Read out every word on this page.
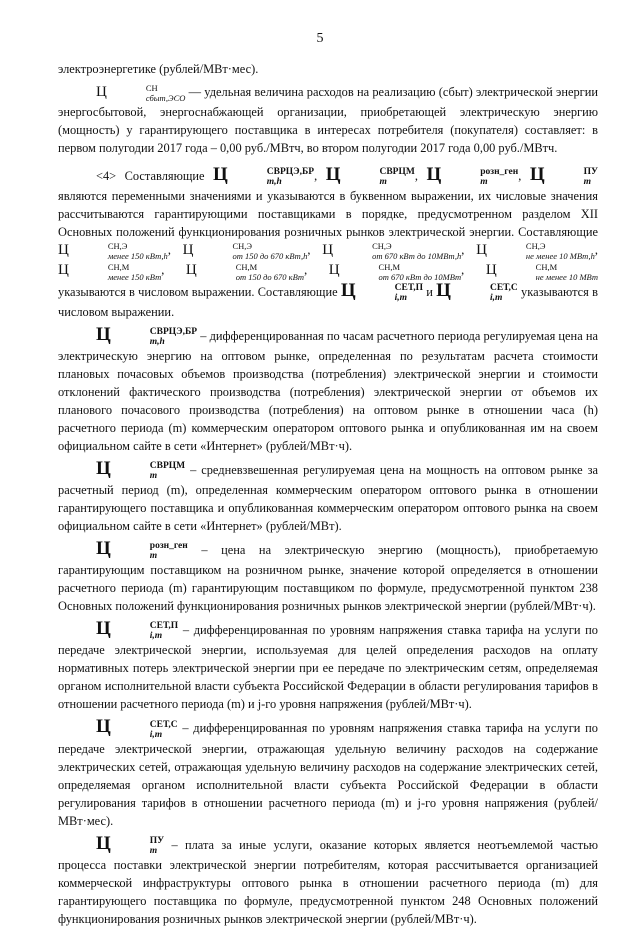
5

электроэнергетике (рублей/МВт·мес).

Ц	СН
сбыт,ЭСО — удельная величина расходов на реализацию (сбыт) электрической энергии энергосбытовой, энергоснабжающей организации, приобретающей электрическую энергию (мощность) у гарантирующего поставщика в интересах потребителя (покупателя) составляет: в первом полугодии 2017 года – 0,00 руб./МВтч, во втором полугодии 2017 года 0,00 руб./МВтч.

<4> Составляющие Ц	СВРЦЭ,БР
m,h	, Ц	СВРЦМ
m	, Ц	розн_ген
m	, Ц	ПУ
m
являются переменными значениями и указываются в буквенном выражении, их числовые значения рассчитываются гарантирующими поставщиками в порядке, предусмотренном разделом XII Основных положений функционирования розничных рынков электрической энергии. Составляющие Ц	СН,Э
менее 150 кВт,h , Ц	СН,Э
от 150 до 670 кВт,h , Ц	СН,Э
от 670 кВт до 10МВт,h , Ц	СН,Э
не менее 10 МВт,h , Ц	СН,М
менее 150 кВт , Ц	СН,М
от 150 до 670 кВт , Ц	СН,М
от 670 кВт до 10МВт , Ц	СН,М
не менее 10 МВт
указываются в числовом выражении. Составляющие Ц	СЕТ,П
i,m	и Ц	СЕТ,С
i,m	указываются в числовом выражении.

Ц	СВРЦЭ,БР
m,h	– дифференцированная по часам расчетного периода регулируемая цена на электрическую энергию на оптовом рынке, определенная по результатам расчета стоимости плановых почасовых объемов производства (потребления) электрической энергии и стоимости отклонений фактического производства (потребления) электрической энергии от объемов их планового почасового производства (потребления) на оптовом рынке в отношении часа (h) расчетного периода (m) коммерческим оператором оптового рынка и опубликованная им на своем официальном сайте в сети «Интернет» (рублей/МВт·ч).

Ц	СВРЦМ
m	– средневзвешенная регулируемая цена на мощность на оптовом рынке за расчетный период (m), определенная коммерческим оператором оптового рынка в отношении гарантирующего поставщика и опубликованная коммерческим оператором оптового рынка на своем официальном сайте в сети «Интернет» (рублей/МВт).

Ц	розн_ген
m	– цена на электрическую энергию (мощность), приобретаемую гарантирующим поставщиком на розничном рынке, значение которой определяется в отношении расчетного периода (m) гарантирующим поставщиком по формуле, предусмотренной пунктом 238 Основных положений функционирования розничных рынков электрической энергии (рублей/МВт·ч).

Ц	СЕТ,П
i,m	– дифференцированная по уровням напряжения ставка тарифа на услуги по передаче электрической энергии, используемая для целей определения расходов на оплату нормативных потерь электрической энергии при ее передаче по электрическим сетям, определяемая органом исполнительной власти субъекта Российской Федерации в области регулирования тарифов в отношении расчетного периода (m) и j-го уровня напряжения (рублей/МВт·ч).

Ц	СЕТ,С
i,m	– дифференцированная по уровням напряжения ставка тарифа на услуги по передаче электрической энергии, отражающая удельную величину расходов на содержание электрических сетей, отражающая удельную величину расходов на содержание электрических сетей, определяемая органом исполнительной власти субъекта Российской Федерации в области регулирования тарифов в отношении расчетного периода (m) и j-го уровня напряжения (рублей/МВт·мес).

Ц	ПУ
m	– плата за иные услуги, оказание которых является неотъемлемой частью процесса поставки электрической энергии потребителям, которая рассчитывается организацией коммерческой инфраструктуры оптового рынка в отношении расчетного периода (m) для гарантирующего поставщика по формуле, предусмотренной пунктом 248 Основных положений функционирования розничных рынков электрической энергии (рублей/МВт·ч).
